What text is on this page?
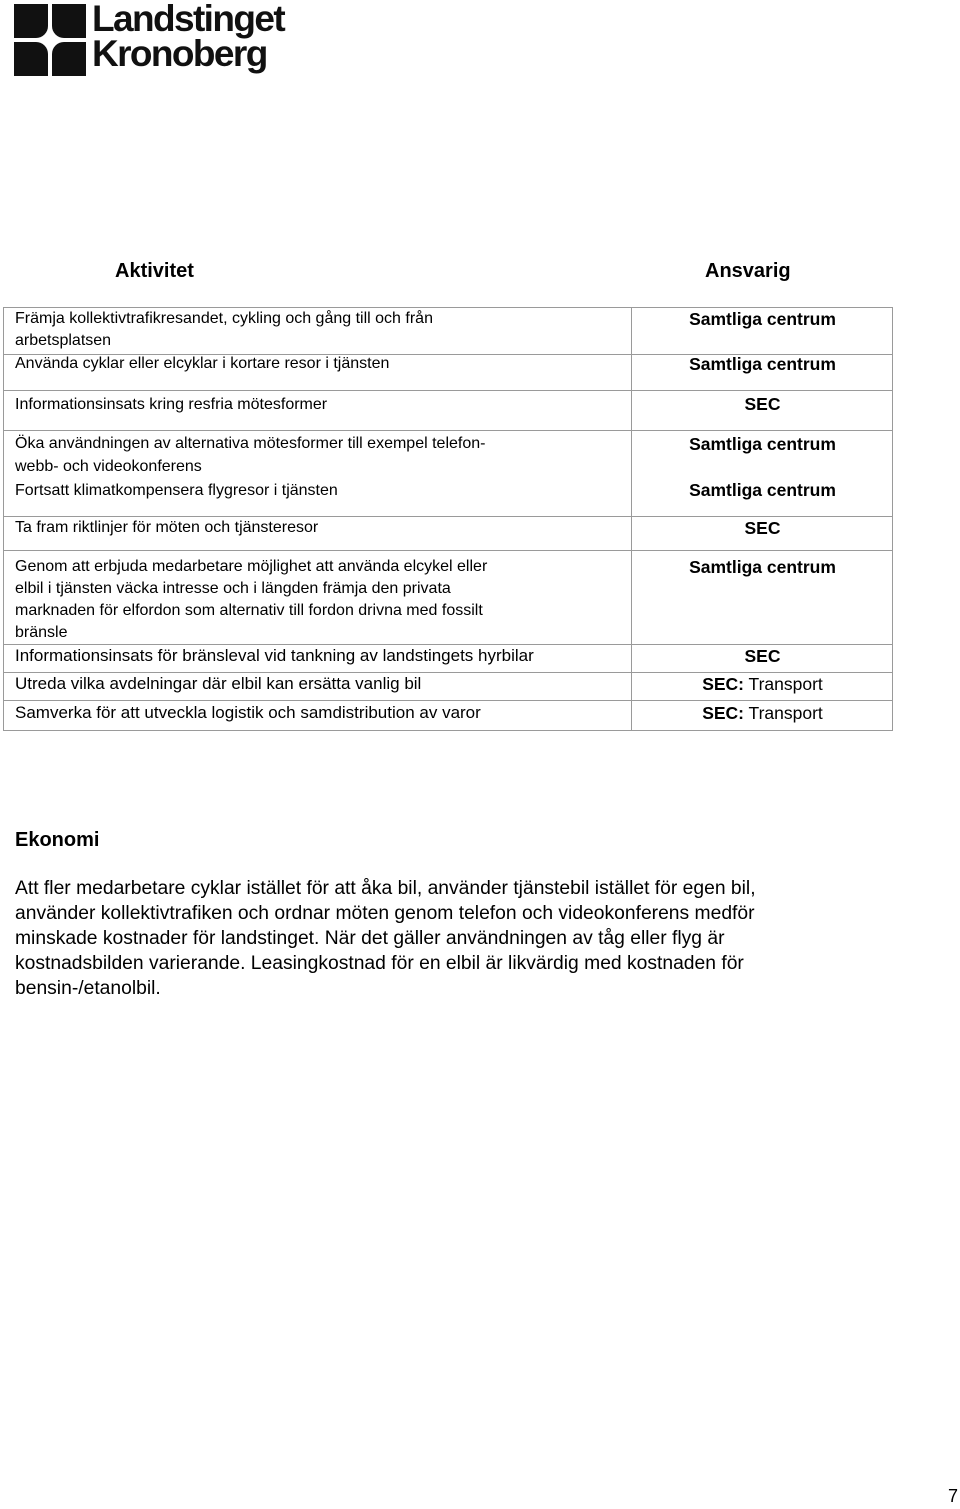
Landstinget
Kronoberg
Aktivitet	Ansvarig
Främja kollektivtrafikresandet, cykling och gång till och från
arbetsplatsen
Använda cyklar eller elcyklar i kortare resor i tjänsten
Informationsinsats kring resfria mötesformer
Öka användningen av alternativa mötesformer till exempel telefon-
webb- och videokonferens
Fortsatt klimatkompensera flygresor i tjänsten
Ta fram riktlinjer för möten och tjänsteresor
Genom att erbjuda medarbetare möjlighet att använda elcykel eller
elbil i tjänsten väcka intresse och i längden främja den privata
marknaden för elfordon som alternativ till fordon drivna med fossilt
bränsle
Informationsinsats för bränsleval vid tankning av landstingets hyrbilar
Utreda vilka avdelningar där elbil kan ersätta vanlig bil
Samverka för att utveckla logistik och samdistribution av varor
Samtliga centrum
Samtliga centrum
SEC
Samtliga centrum
Samtliga centrum
SEC
Samtliga centrum
SEC
SEC: Transport
SEC: Transport
Ekonomi
Att fler medarbetare cyklar istället för att åka bil, använder tjänstebil istället för egen bil,
använder kollektivtrafiken och ordnar möten genom telefon och videokonferens medför
minskade kostnader för landstinget. När det gäller användningen av tåg eller flyg är
kostnadsbilden varierande. Leasingkostnad för en elbil är likvärdig med kostnaden för
bensin-/etanolbil.
7
